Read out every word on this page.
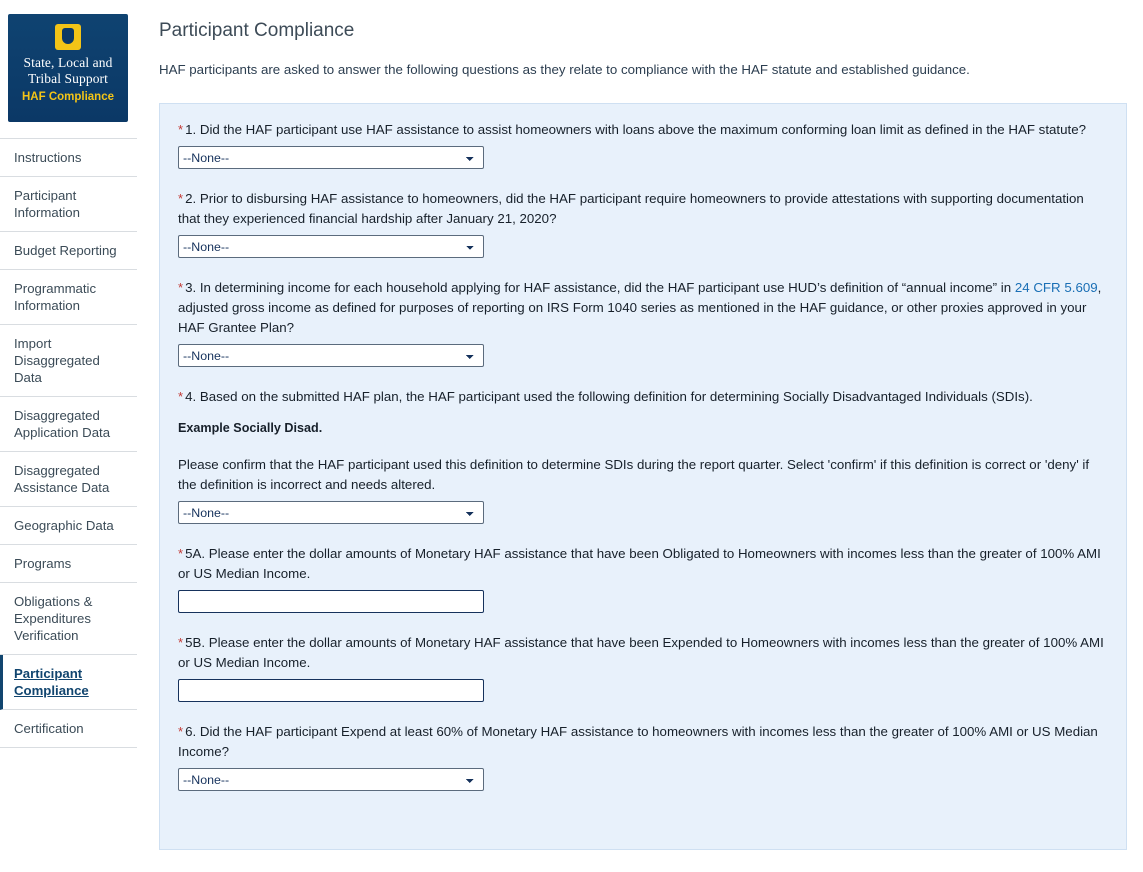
State, Local and Tribal Support
HAF Compliance
Instructions
Participant Information
Budget Reporting
Programmatic Information
Import Disaggregated Data
Disaggregated Application Data
Disaggregated Assistance Data
Geographic Data
Programs
Obligations & Expenditures Verification
Participant Compliance
Certification
Participant Compliance

HAF participants are asked to answer the following questions as they relate to compliance with the HAF statute and established guidance.

* 1. Did the HAF participant use HAF assistance to assist homeowners with loans above the maximum conforming loan limit as defined in the HAF statute?

--None--

* 2. Prior to disbursing HAF assistance to homeowners, did the HAF participant require homeowners to provide attestations with supporting documentation that they experienced financial hardship after January 21, 2020?

--None--

* 3. In determining income for each household applying for HAF assistance, did the HAF participant use HUD’s definition of “annual income” in 24 CFR 5.609, adjusted gross income as defined for purposes of reporting on IRS Form 1040 series as mentioned in the HAF guidance, or other proxies approved in your HAF Grantee Plan?

--None--

* 4. Based on the submitted HAF plan, the HAF participant used the following definition for determining Socially Disadvantaged Individuals (SDIs).

Example Socially Disad.

Please confirm that the HAF participant used this definition to determine SDIs during the report quarter. Select 'confirm' if this definition is correct or 'deny' if the definition is incorrect and needs altered.

--None--

* 5A. Please enter the dollar amounts of Monetary HAF assistance that have been Obligated to Homeowners with incomes less than the greater of 100% AMI or US Median Income.

* 5B. Please enter the dollar amounts of Monetary HAF assistance that have been Expended to Homeowners with incomes less than the greater of 100% AMI or US Median Income.

* 6. Did the HAF participant Expend at least 60% of Monetary HAF assistance to homeowners with incomes less than the greater of 100% AMI or US Median Income?

--None--
